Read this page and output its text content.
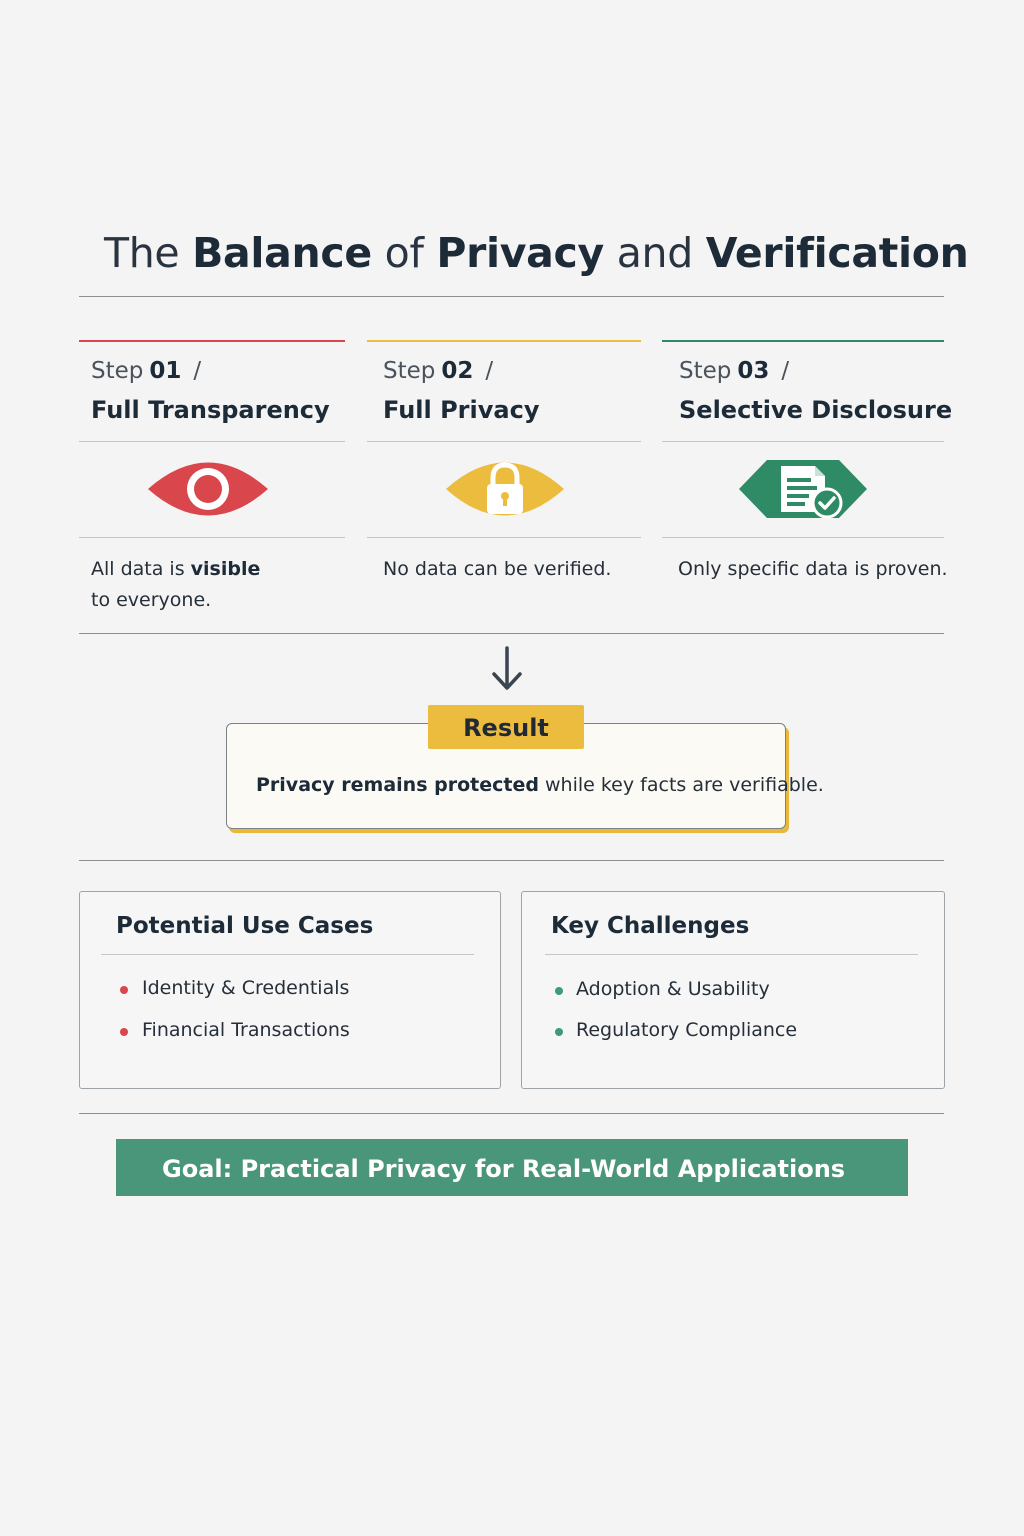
The Balance of Privacy and Verification
Step 01 /
Full Transparency
All data is visible
to everyone.
Step 02 /
Full Privacy
No data can be verified.
Step 03 /
Selective Disclosure
Only specific data is proven.
Result
Privacy remains protected while key facts are verifiable.
Potential Use Cases
Identity & Credentials
Financial Transactions
Key Challenges
Adoption & Usability
Regulatory Compliance
Goal: Practical Privacy for Real-World Applications
